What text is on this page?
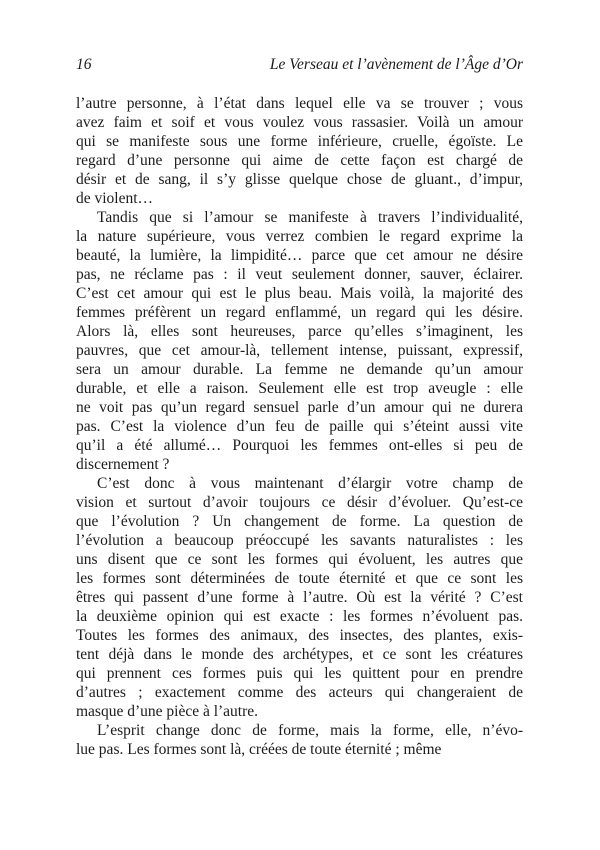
16	Le Verseau et l’avènement de l’Âge d’Or
l’autre personne, à l’état dans lequel elle va se trouver ; vous
avez faim et soif et vous voulez vous rassasier. Voilà un amour
qui se manifeste sous une forme inférieure, cruelle, égoïste. Le
regard d’une personne qui aime de cette façon est chargé de
désir et de sang, il s’y glisse quelque chose de gluant., d’impur,
de violent…
Tandis que si l’amour se manifeste à travers l’individualité,
la nature supérieure, vous verrez combien le regard exprime la
beauté, la lumière, la limpidité… parce que cet amour ne désire
pas, ne réclame pas : il veut seulement donner, sauver, éclairer.
C’est cet amour qui est le plus beau. Mais voilà, la majorité des
femmes préfèrent un regard enflammé, un regard qui les désire.
Alors là, elles sont heureuses, parce qu’elles s’imaginent, les
pauvres, que cet amour-là, tellement intense, puissant, expressif,
sera un amour durable. La femme ne demande qu’un amour
durable, et elle a raison. Seulement elle est trop aveugle : elle
ne voit pas qu’un regard sensuel parle d’un amour qui ne durera
pas. C’est la violence d’un feu de paille qui s’éteint aussi vite
qu’il a été allumé… Pourquoi les femmes ont-elles si peu de
discernement ?
C’est donc à vous maintenant d’élargir votre champ de
vision et surtout d’avoir toujours ce désir d’évoluer. Qu’est-ce
que l’évolution ? Un changement de forme. La question de
l’évolution a beaucoup préoccupé les savants naturalistes : les
uns disent que ce sont les formes qui évoluent, les autres que
les formes sont déterminées de toute éternité et que ce sont les
êtres qui passent d’une forme à l’autre. Où est la vérité ? C’est
la deuxième opinion qui est exacte : les formes n’évoluent pas.
Toutes les formes des animaux, des insectes, des plantes, exis-
tent déjà dans le monde des archétypes, et ce sont les créatures
qui prennent ces formes puis qui les quittent pour en prendre
d’autres ; exactement comme des acteurs qui changeraient de
masque d’une pièce à l’autre.
L’esprit change donc de forme, mais la forme, elle, n’évo-
lue pas. Les formes sont là, créées de toute éternité ; même
